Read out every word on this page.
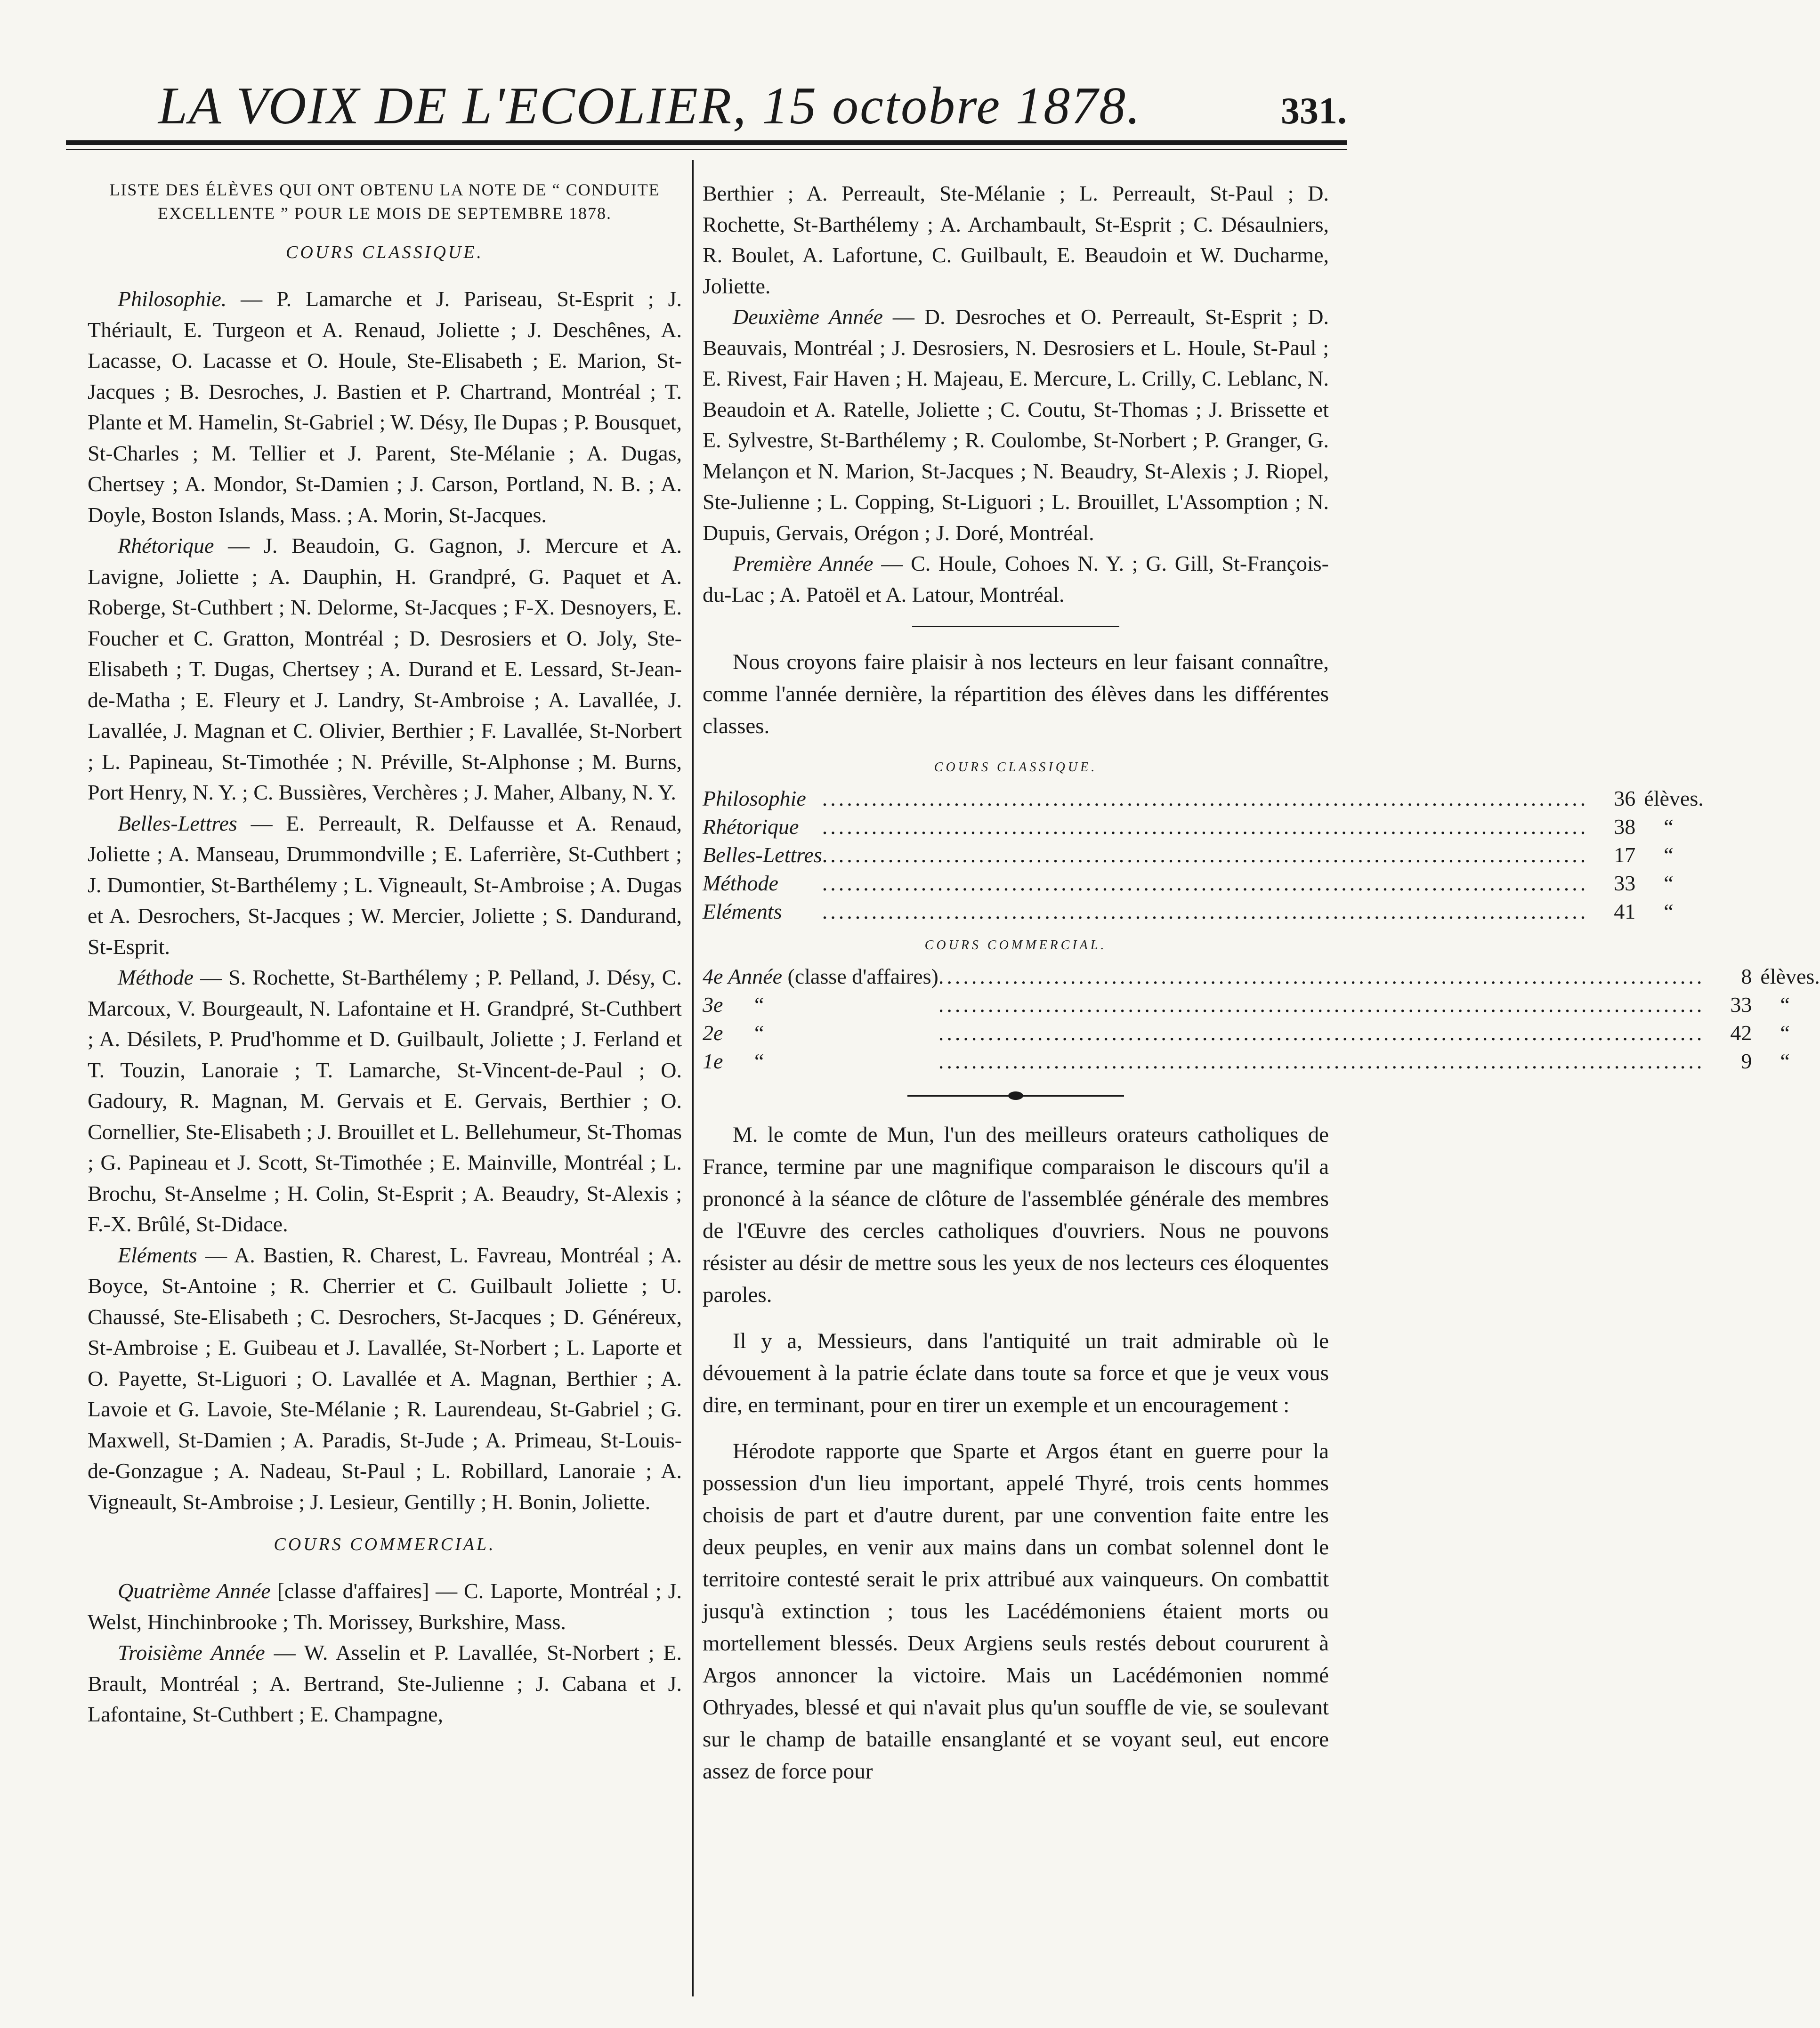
LA VOIX DE L'ECOLIER, 15 octobre 1878.	331.
LISTE DES ÉLÈVES QUI ONT OBTENU LA NOTE DE “ CONDUITE EXCELLENTE ” POUR LE MOIS DE SEPTEMBRE 1878.
COURS CLASSIQUE.

Philosophie. — P. Lamarche et J. Pariseau, St-Esprit ; J. Thériault, E. Turgeon et A. Renaud, Joliette ; J. Deschênes, A. Lacasse, O. Lacasse et O. Houle, Ste-Elisabeth ; E. Marion, St-Jacques ; B. Desroches, J. Bastien et P. Chartrand, Montréal ; T. Plante et M. Hamelin, St-Gabriel ; W. Désy, Ile Dupas ; P. Bousquet, St-Charles ; M. Tellier et J. Parent, Ste-Mélanie ; A. Dugas, Chertsey ; A. Mondor, St-Damien ; J. Carson, Portland, N. B. ; A. Doyle, Boston Islands, Mass. ; A. Morin, St-Jacques.

Rhétorique — J. Beaudoin, G. Gagnon, J. Mercure et A. Lavigne, Joliette ; A. Dauphin, H. Grandpré, G. Paquet et A. Roberge, St-Cuthbert ; N. Delorme, St-Jacques ; F-X. Desnoyers, E. Foucher et C. Gratton, Montréal ; D. Desrosiers et O. Joly, Ste-Elisabeth ; T. Dugas, Chertsey ; A. Durand et E. Lessard, St-Jean-de-Matha ; E. Fleury et J. Landry, St-Ambroise ; A. Lavallée, J. Lavallée, J. Magnan et C. Olivier, Berthier ; F. Lavallée, St-Norbert ; L. Papineau, St-Timothée ; N. Préville, St-Alphonse ; M. Burns, Port Henry, N. Y. ; C. Bussières, Verchères ; J. Maher, Albany, N. Y.

Belles-Lettres — E. Perreault, R. Delfausse et A. Renaud, Joliette ; A. Manseau, Drummondville ; E. Laferrière, St-Cuthbert ; J. Dumontier, St-Barthélemy ; L. Vigneault, St-Ambroise ; A. Dugas et A. Desrochers, St-Jacques ; W. Mercier, Joliette ; S. Dandurand, St-Esprit.

Méthode — S. Rochette, St-Barthélemy ; P. Pelland, J. Désy, C. Marcoux, V. Bourgeault, N. Lafontaine et H. Grandpré, St-Cuthbert ; A. Désilets, P. Prud'homme et D. Guilbault, Joliette ; J. Ferland et T. Touzin, Lanoraie ; T. Lamarche, St-Vincent-de-Paul ; O. Gadoury, R. Magnan, M. Gervais et E. Gervais, Berthier ; O. Cornellier, Ste-Elisabeth ; J. Brouillet et L. Bellehumeur, St-Thomas ; G. Papineau et J. Scott, St-Timothée ; E. Mainville, Montréal ; L. Brochu, St-Anselme ; H. Colin, St-Esprit ; A. Beaudry, St-Alexis ; F.-X. Brûlé, St-Didace.

Eléments — A. Bastien, R. Charest, L. Favreau, Montréal ; A. Boyce, St-Antoine ; R. Cherrier et C. Guilbault Joliette ; U. Chaussé, Ste-Elisabeth ; C. Desrochers, St-Jacques ; D. Généreux, St-Ambroise ; E. Guibeau et J. Lavallée, St-Norbert ; L. Laporte et O. Payette, St-Liguori ; O. Lavallée et A. Magnan, Berthier ; A. Lavoie et G. Lavoie, Ste-Mélanie ; R. Laurendeau, St-Gabriel ; G. Maxwell, St-Damien ; A. Paradis, St-Jude ; A. Primeau, St-Louis-de-Gonzague ; A. Nadeau, St-Paul ; L. Robillard, Lanoraie ; A. Vigneault, St-Ambroise ; J. Lesieur, Gentilly ; H. Bonin, Joliette.

COURS COMMERCIAL.

Quatrième Année [classe d'affaires] — C. Laporte, Montréal ; J. Welst, Hinchinbrooke ; Th. Morissey, Burkshire, Mass.

Troisième Année — W. Asselin et P. Lavallée, St-Norbert ; E. Brault, Montréal ; A. Bertrand, Ste-Julienne ; J. Cabana et J. Lafontaine, St-Cuthbert ; E. Champagne,

Berthier ; A. Perreault, Ste-Mélanie ; L. Perreault, St-Paul ; D. Rochette, St-Barthélemy ; A. Archambault, St-Esprit ; C. Désaulniers, R. Boulet, A. Lafortune, C. Guilbault, E. Beaudoin et W. Ducharme, Joliette.

Deuxième Année — D. Desroches et O. Perreault, St-Esprit ; D. Beauvais, Montréal ; J. Desrosiers, N. Desrosiers et L. Houle, St-Paul ; E. Rivest, Fair Haven ; H. Majeau, E. Mercure, L. Crilly, C. Leblanc, N. Beaudoin et A. Ratelle, Joliette ; C. Coutu, St-Thomas ; J. Brissette et E. Sylvestre, St-Barthélemy ; R. Coulombe, St-Norbert ; P. Granger, G. Melançon et N. Marion, St-Jacques ; N. Beaudry, St-Alexis ; J. Riopel, Ste-Julienne ; L. Copping, St-Liguori ; L. Brouillet, L'Assomption ; N. Dupuis, Gervais, Orégon ; J. Doré, Montréal.

Première Année — C. Houle, Cohoes N. Y. ; G. Gill, St-François-du-Lac ; A. Patoël et A. Latour, Montréal.

Nous croyons faire plaisir à nos lecteurs en leur faisant connaître, comme l'année dernière, la répartition des élèves dans les différentes classes.

COURS CLASSIQUE.
Philosophie	.............................................................................................	36	élèves.
Rhétorique	.............................................................................................	38	“
Belles-Lettres	.............................................................................................	17	“
Méthode	.............................................................................................	33	“
Eléments	.............................................................................................	41	“
COURS COMMERCIAL.
4e Année (classe d'affaires)	.............................................................................................	8	élèves.
3e “	.............................................................................................	33	“
2e “	.............................................................................................	42	“
1e “	.............................................................................................	9	“

M. le comte de Mun, l'un des meilleurs orateurs catholiques de France, termine par une magnifique comparaison le discours qu'il a prononcé à la séance de clôture de l'assemblée générale des membres de l'Œuvre des cercles catholiques d'ouvriers. Nous ne pouvons résister au désir de mettre sous les yeux de nos lecteurs ces éloquentes paroles.

Il y a, Messieurs, dans l'antiquité un trait admirable où le dévouement à la patrie éclate dans toute sa force et que je veux vous dire, en terminant, pour en tirer un exemple et un encouragement :

Hérodote rapporte que Sparte et Argos étant en guerre pour la possession d'un lieu important, appelé Thyré, trois cents hommes choisis de part et d'autre durent, par une convention faite entre les deux peuples, en venir aux mains dans un combat solennel dont le territoire contesté serait le prix attribué aux vainqueurs. On combattit jusqu'à extinction ; tous les Lacédémoniens étaient morts ou mortellement blessés. Deux Argiens seuls restés debout coururent à Argos annoncer la victoire. Mais un Lacédémonien nommé Othryades, blessé et qui n'avait plus qu'un souffle de vie, se soulevant sur le champ de bataille ensanglanté et se voyant seul, eut encore assez de force pour
